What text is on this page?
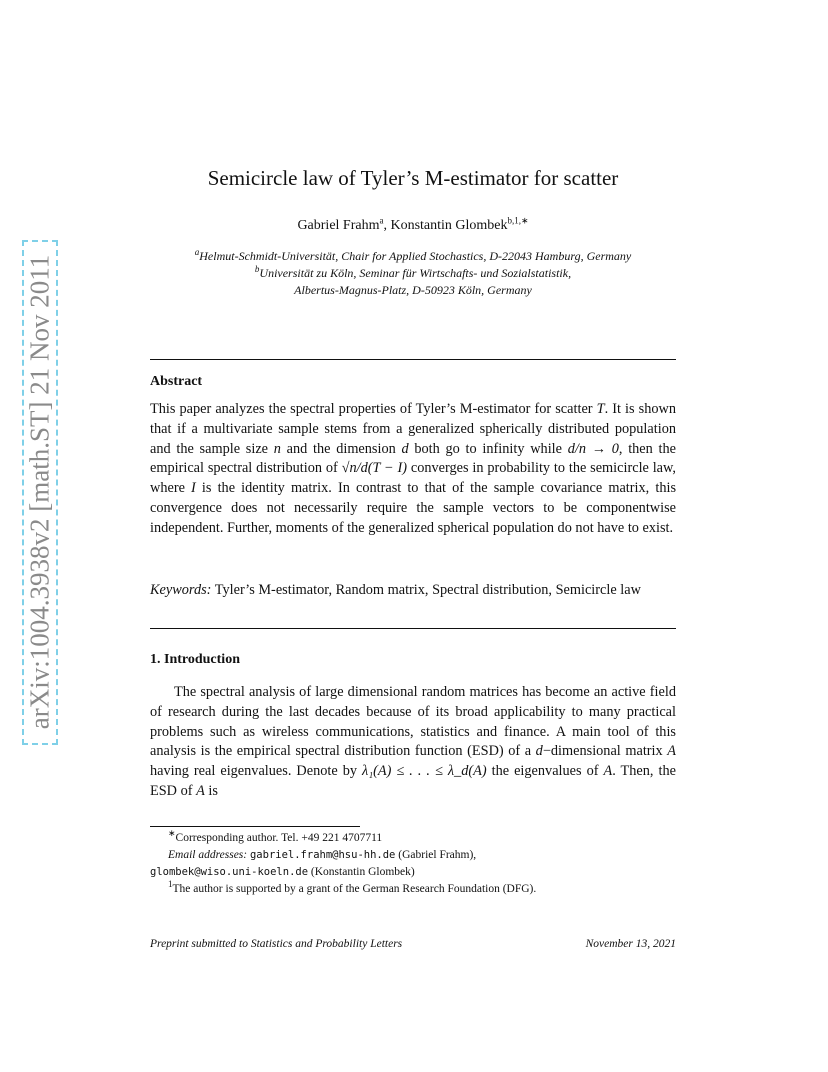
arXiv:1004.3938v2 [math.ST] 21 Nov 2011
Semicircle law of Tyler’s M-estimator for scatter
Gabriel Frahm$^a$, Konstantin Glombek$^{b,1,∗}$
$^a$Helmut-Schmidt-Universität, Chair for Applied Stochastics, D-22043 Hamburg, Germany
$^b$Universität zu Köln, Seminar für Wirtschafts- und Sozialstatistik,
Albertus-Magnus-Platz, D-50923 Köln, Germany
Abstract
This paper analyzes the spectral properties of Tyler’s M-estimator for scatter T. It is shown that if a multivariate sample stems from a generalized spherically distributed population and the sample size n and the dimension d both go to infinity while d/n → 0, then the empirical spectral distribution of √n/d(T − I) converges in probability to the semicircle law, where I is the identity matrix. In contrast to that of the sample covariance matrix, this convergence does not necessarily require the sample vectors to be componentwise independent. Further, moments of the generalized spherical population do not have to exist.
Keywords: Tyler’s M-estimator, Random matrix, Spectral distribution, Semicircle law
1. Introduction
The spectral analysis of large dimensional random matrices has become an active field of research during the last decades because of its broad applicability to many practical problems such as wireless communications, statistics and finance. A main tool of this analysis is the empirical spectral distribution function (ESD) of a d−dimensional matrix A having real eigenvalues. Denote by λ₁(A) ≤ . . . ≤ λ_d(A) the eigenvalues of A. Then, the ESD of A is
∗Corresponding author. Tel. +49 221 4707711
Email addresses: gabriel.frahm@hsu-hh.de (Gabriel Frahm),
glombek@wiso.uni-koeln.de (Konstantin Glombek)
$^1$The author is supported by a grant of the German Research Foundation (DFG).
Preprint submitted to Statistics and Probability Letters	November 13, 2021
